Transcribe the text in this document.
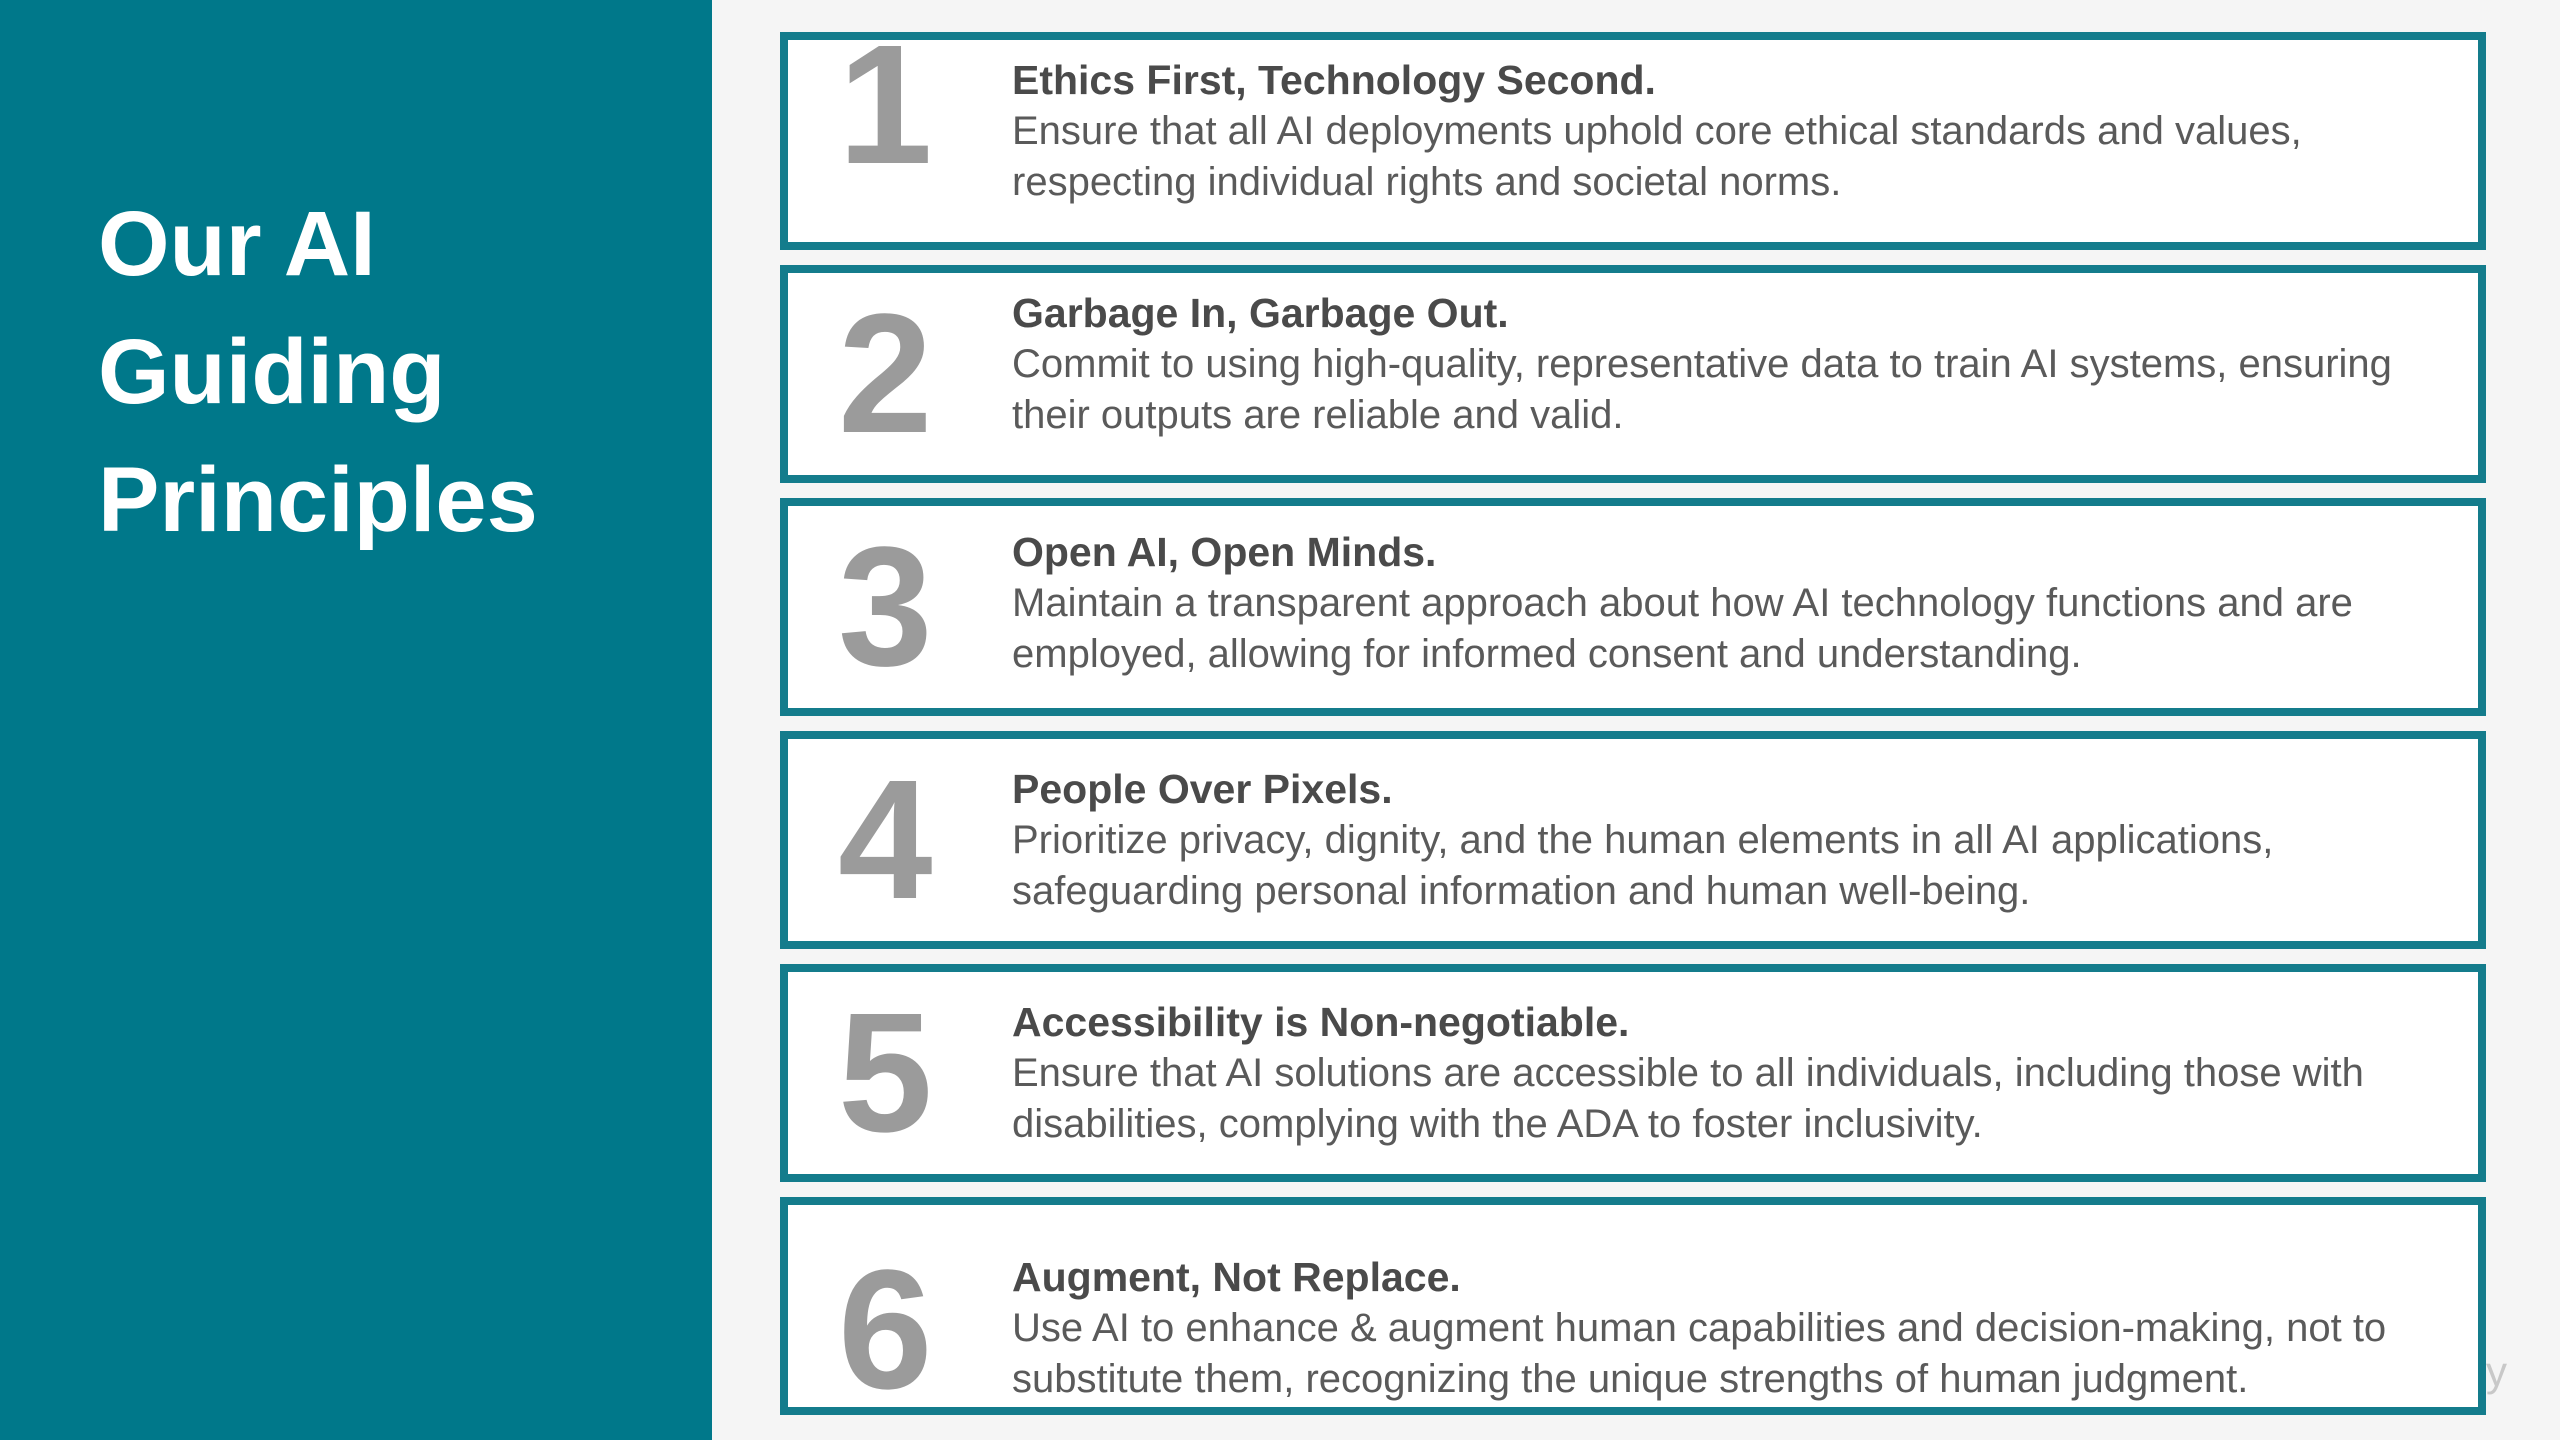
Our AI
Guiding
Principles
1	Ethics First, Technology Second.
Ensure that all AI deployments uphold core ethical standards and values, respecting individual rights and societal norms.
2	Garbage In, Garbage Out.
Commit to using high-quality, representative data to train AI systems, ensuring their outputs are reliable and valid.
3	Open AI, Open Minds.
Maintain a transparent approach about how AI technology functions and are employed, allowing for informed consent and understanding.
4	People Over Pixels.
Prioritize privacy, dignity, and the human elements in all AI applications, safeguarding personal information and human well-being.
5	Accessibility is Non-negotiable.
Ensure that AI solutions are accessible to all individuals, including those with disabilities, complying with the ADA to foster inclusivity.
6	Augment, Not Replace.
Use AI to enhance & augment human capabilities and decision-making, not to substitute them, recognizing the unique strengths of human judgment.	y
